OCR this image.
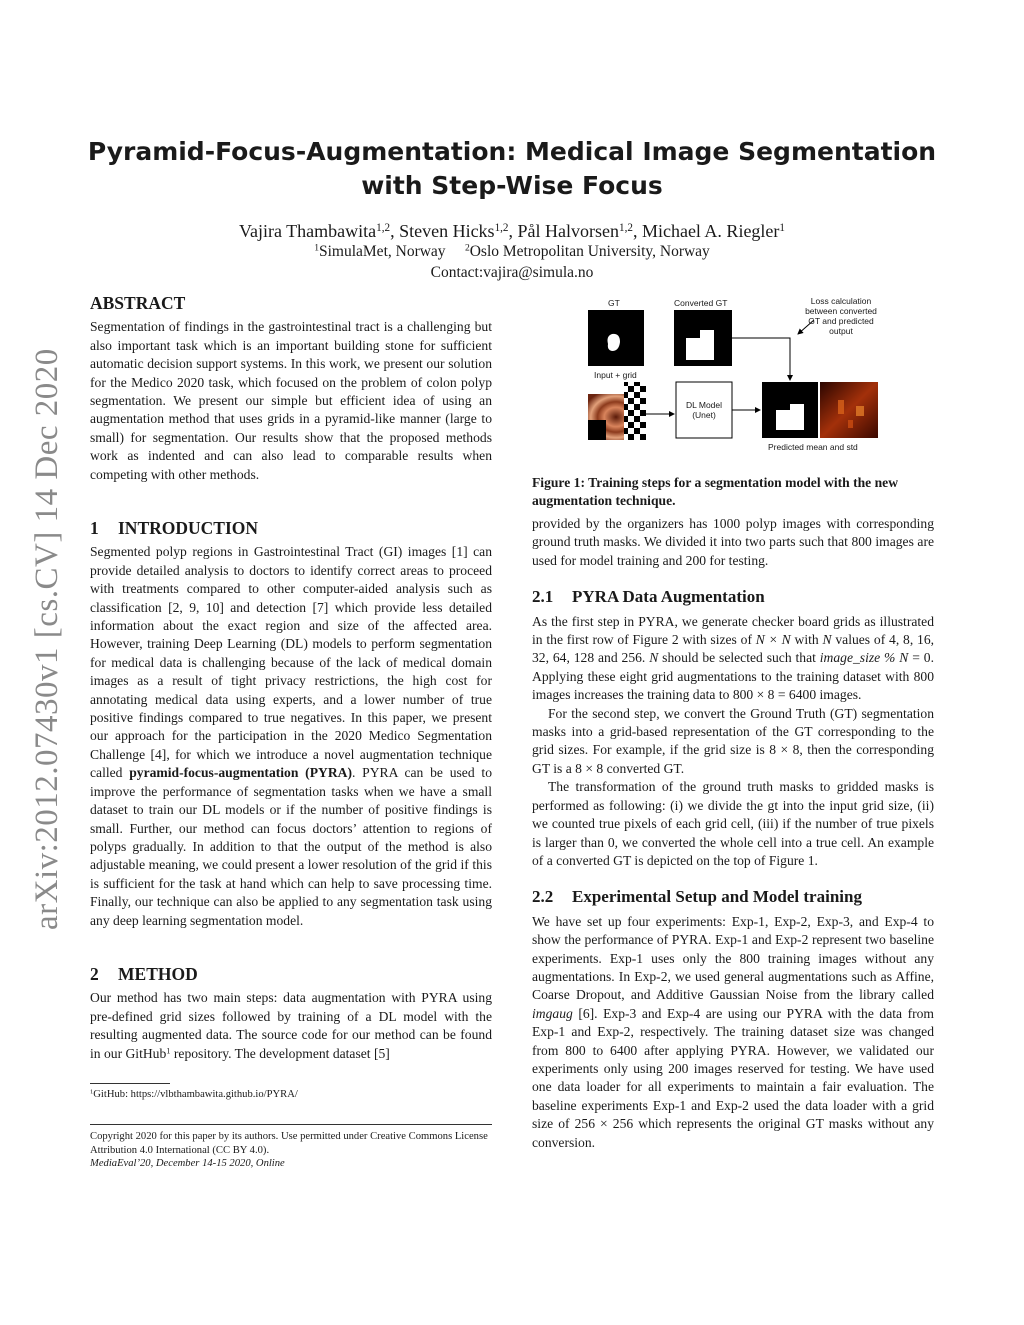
Pyramid-Focus-Augmentation: Medical Image Segmentation
with Step-Wise Focus
Vajira Thambawita$^{1,2}$, Steven Hicks$^{1,2}$, Pål Halvorsen$^{1,2}$, Michael A. Riegler$^1$
$^1$SimulaMet, Norway $^2$Oslo Metropolitan University, Norway
Contact:vajira@simula.no
arXiv:2012.07430v1 [cs.CV] 14 Dec 2020
ABSTRACT

Segmentation of findings in the gastrointestinal tract is a challenging but also important task which is an important building stone for sufficient automatic decision support systems. In this work, we present our solution for the Medico 2020 task, which focused on the problem of colon polyp segmentation. We present our simple but efficient idea of using an augmentation method that uses grids in a pyramid-like manner (large to small) for segmentation. Our results show that the proposed methods work as indented and can also lead to comparable results when competing with other methods.

1 INTRODUCTION

Segmented polyp regions in Gastrointestinal Tract (GI) images [1] can provide detailed analysis to doctors to identify correct areas to proceed with treatments compared to other computer-aided analysis such as classification [2, 9, 10] and detection [7] which provide less detailed information about the exact region and size of the affected area. However, training Deep Learning (DL) models to perform segmentation for medical data is challenging because of the lack of medical domain images as a result of tight privacy restrictions, the high cost for annotating medical data using experts, and a lower number of true positive findings compared to true negatives. In this paper, we present our approach for the participation in the 2020 Medico Segmentation Challenge [4], for which we introduce a novel augmentation technique called pyramid-focus-augmentation (PYRA). PYRA can be used to improve the performance of segmentation tasks when we have a small dataset to train our DL models or if the number of positive findings is small. Further, our method can focus doctors’ attention to regions of polyps gradually. In addition to that the output of the method is also adjustable meaning, we could present a lower resolution of the grid if this is sufficient for the task at hand which can help to save processing time. Finally, our technique can also be applied to any segmentation task using any deep learning segmentation model.

2 METHOD

Our method has two main steps: data augmentation with PYRA using pre-defined grid sizes followed by training of a DL model with the resulting augmented data. The source code for our method can be found in our GitHub$^1$ repository. The development dataset [5]

$^1$GitHub: https://vlbthambawita.github.io/PYRA/
Copyright 2020 for this paper by its authors. Use permitted under Creative Commons License Attribution 4.0 International (CC BY 4.0).
MediaEval’20, December 14-15 2020, Online
GT	Converted GT	Loss calculation between converted GT and predicted output
Input + grid
DL Model (Unet)
Predicted mean and std
Figure 1: Training steps for a segmentation model with the new augmentation technique.

provided by the organizers has 1000 polyp images with corresponding ground truth masks. We divided it into two parts such that 800 images are used for model training and 200 for testing.

2.1 PYRA Data Augmentation

As the first step in PYRA, we generate checker board grids as illustrated in the first row of Figure 2 with sizes of N × N with N values of 4, 8, 16, 32, 64, 128 and 256. N should be selected such that image_size % N = 0. Applying these eight grid augmentations to the training dataset with 800 images increases the training data to 800 × 8 = 6400 images.

For the second step, we convert the Ground Truth (GT) segmentation masks into a grid-based representation of the GT corresponding to the grid sizes. For example, if the grid size is 8 × 8, then the corresponding GT is a 8 × 8 converted GT.

The transformation of the ground truth masks to gridded masks is performed as following: (i) we divide the gt into the input grid size, (ii) we counted true pixels of each grid cell, (iii) if the number of true pixels is larger than 0, we converted the whole cell into a true cell. An example of a converted GT is depicted on the top of Figure 1.

2.2 Experimental Setup and Model training

We have set up four experiments: Exp-1, Exp-2, Exp-3, and Exp-4 to show the performance of PYRA. Exp-1 and Exp-2 represent two baseline experiments. Exp-1 uses only the 800 training images without any augmentations. In Exp-2, we used general augmentations such as Affine, Coarse Dropout, and Additive Gaussian Noise from the library called imgaug [6]. Exp-3 and Exp-4 are using our PYRA with the data from Exp-1 and Exp-2, respectively. The training dataset size was changed from 800 to 6400 after applying PYRA. However, we validated our experiments only using 200 images reserved for testing. We have used one data loader for all experiments to maintain a fair evaluation. The baseline experiments Exp-1 and Exp-2 used the data loader with a grid size of 256 × 256 which represents the original GT masks without any conversion.
